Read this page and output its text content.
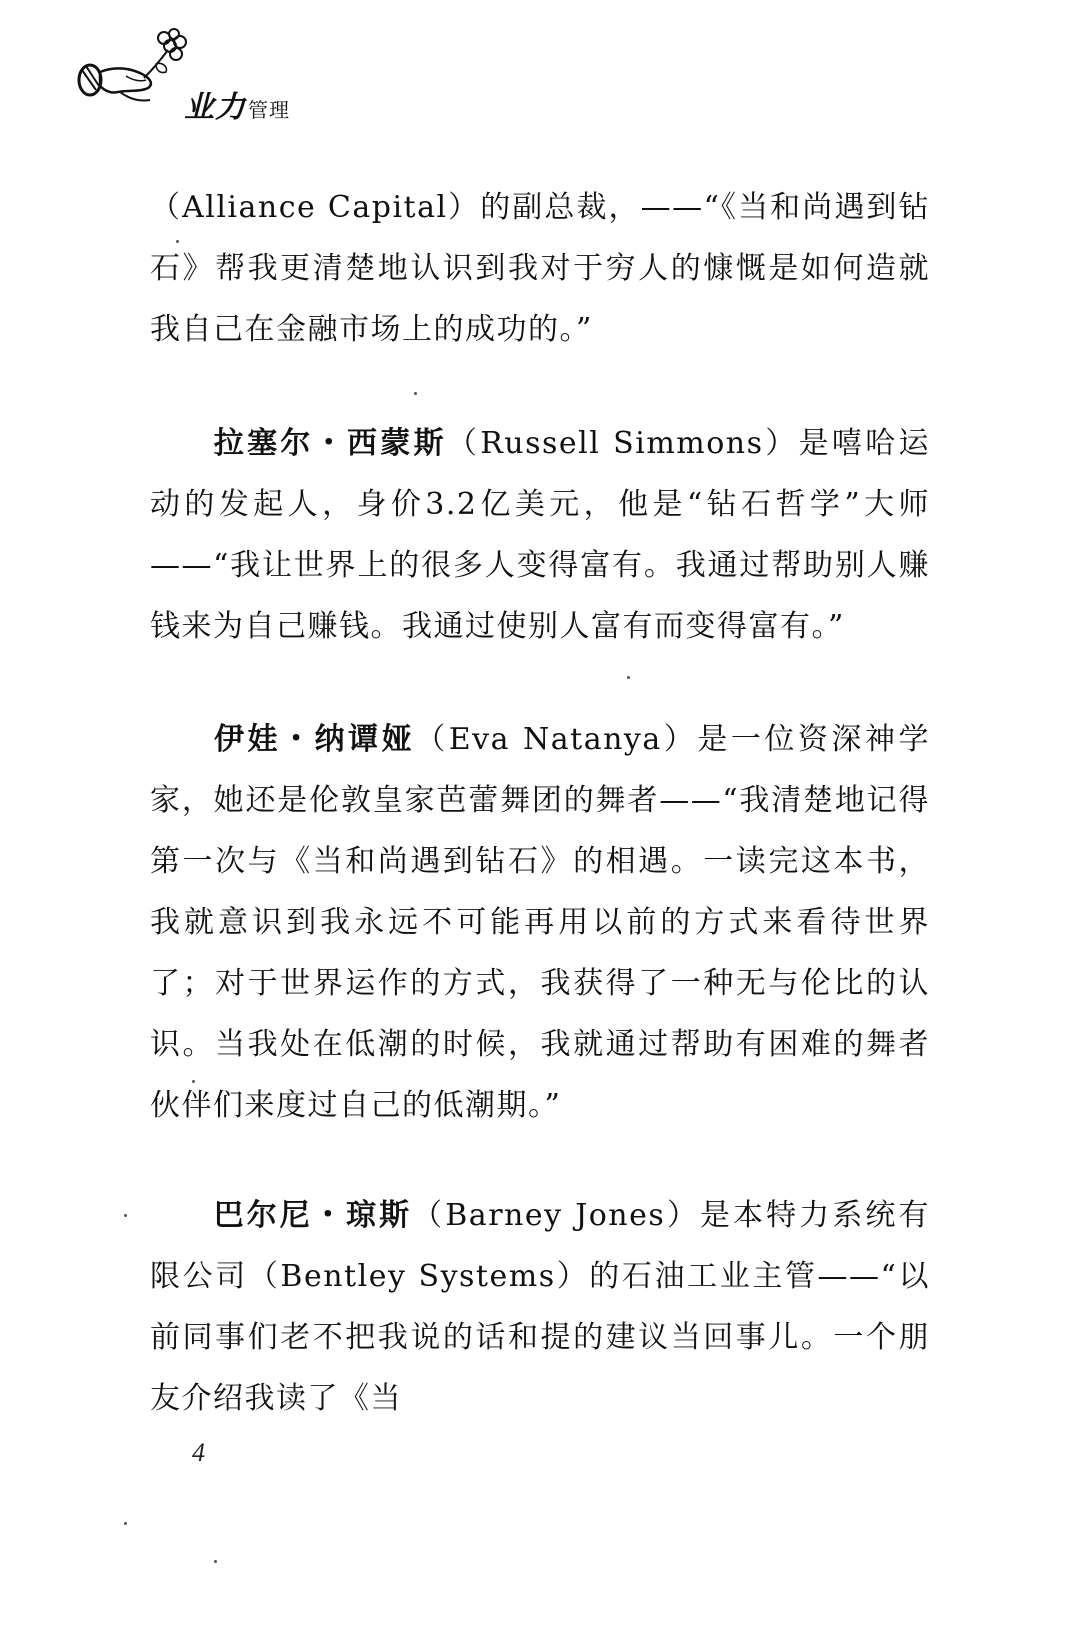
业力 管理

（Alliance Capital）的副总裁，——“《当和尚遇到钻石》帮我更清楚地认识到我对于穷人的慷慨是如何造就我自己在金融市场上的成功的。”

拉塞尔・西蒙斯（Russell Simmons）是嘻哈运动的发起人，身价3.2亿美元，他是“钻石哲学”大师——“我让世界上的很多人变得富有。我通过帮助别人赚钱来为自己赚钱。我通过使别人富有而变得富有。”

伊娃・纳谭娅（Eva Natanya）是一位资深神学家，她还是伦敦皇家芭蕾舞团的舞者——“我清楚地记得第一次与《当和尚遇到钻石》的相遇。一读完这本书，我就意识到我永远不可能再用以前的方式来看待世界了；对于世界运作的方式，我获得了一种无与伦比的认识。当我处在低潮的时候，我就通过帮助有困难的舞者伙伴们来度过自己的低潮期。”

巴尔尼・琼斯（Barney Jones）是本特力系统有限公司（Bentley Systems）的石油工业主管——“以前同事们老不把我说的话和提的建议当回事儿。一个朋友介绍我读了《当

4
